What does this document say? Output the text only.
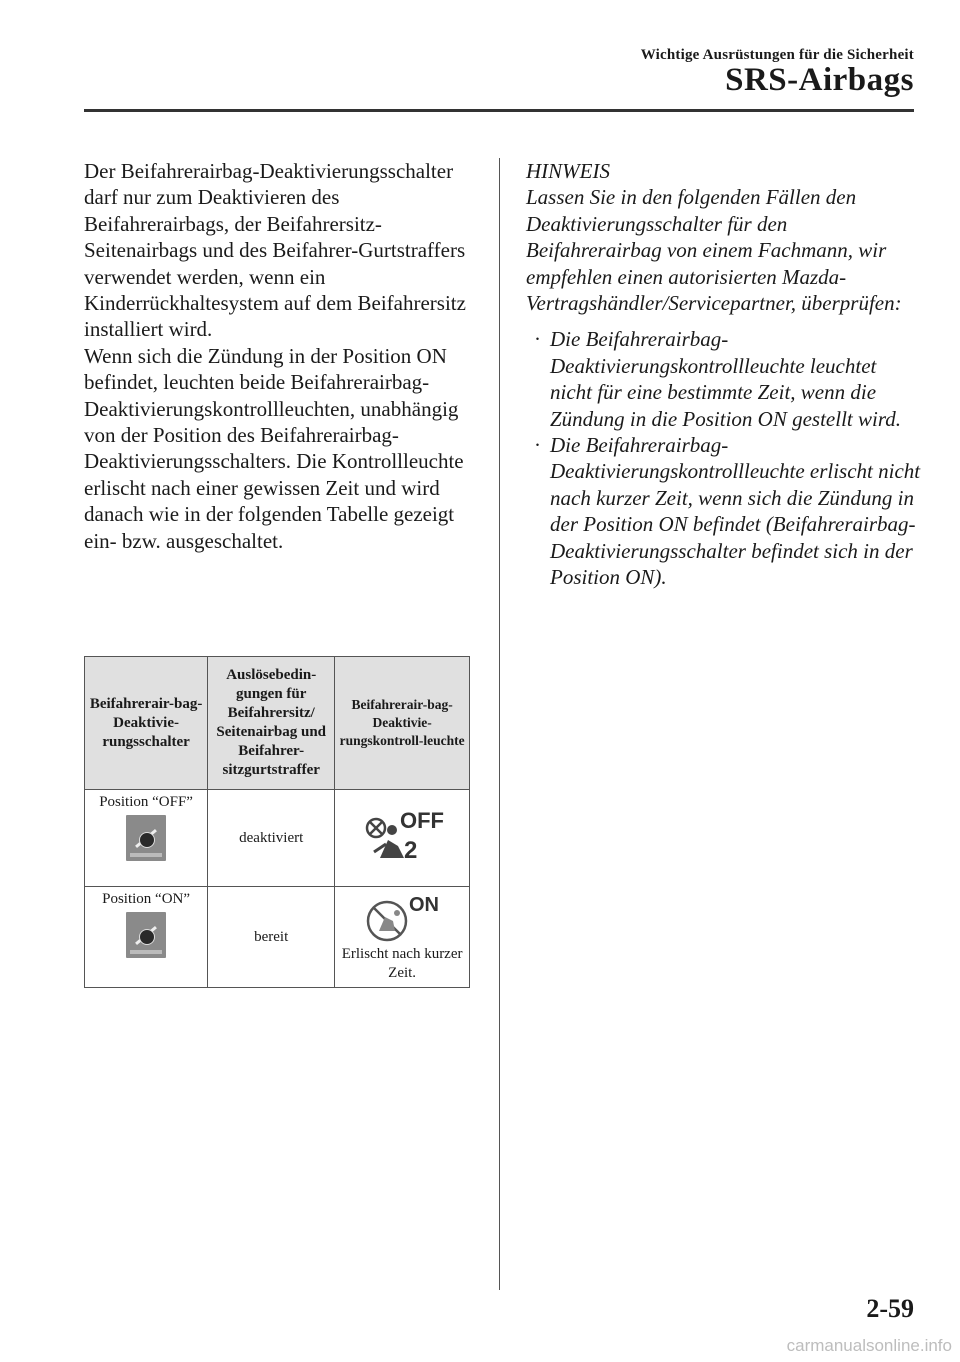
Wichtige Ausrüstungen für die Sicherheit
SRS-Airbags

Der Beifahrerairbag-Deaktivierungsschalter darf nur zum Deaktivieren des Beifahrerairbags, der Beifahrersitz-Seitenairbags und des Beifahrer-Gurtstraffers verwendet werden, wenn ein Kinderrückhaltesystem auf dem Beifahrersitz installiert wird.

Wenn sich die Zündung in der Position ON befindet, leuchten beide Beifahrerairbag-Deaktivierungskontrollleuchten, unabhängig von der Position des Beifahrerairbag-Deaktivierungsschalters. Die Kontrollleuchte erlischt nach einer gewissen Zeit und wird danach wie in der folgenden Tabelle gezeigt ein- bzw. ausgeschaltet.

Beifahrerair-bag-Deaktivie-rungsschalter	Auslösebedin-gungen für Beifahrersitz/ Seitenairbag und Beifahrer-sitzgurtstraffer	Beifahrerair-bag-Deaktivie-rungskontroll-leuchte
Position “OFF”	deaktiviert	OFF
2

Position “ON”	bereit	ON
Erlischt nach kurzer Zeit.

HINWEIS

Lassen Sie in den folgenden Fällen den Deaktivierungsschalter für den Beifahrerairbag von einem Fachmann, wir empfehlen einen autorisierten Mazda-Vertragshändler/Servicepartner, überprüfen:

· Die Beifahrerairbag-Deaktivierungskontrollleuchte leuchtet nicht für eine bestimmte Zeit, wenn die Zündung in die Position ON gestellt wird.
· Die Beifahrerairbag-Deaktivierungskontrollleuchte erlischt nicht nach kurzer Zeit, wenn sich die Zündung in der Position ON befindet (Beifahrerairbag-Deaktivierungsschalter befindet sich in der Position ON).
2-59
carmanualsonline.info
